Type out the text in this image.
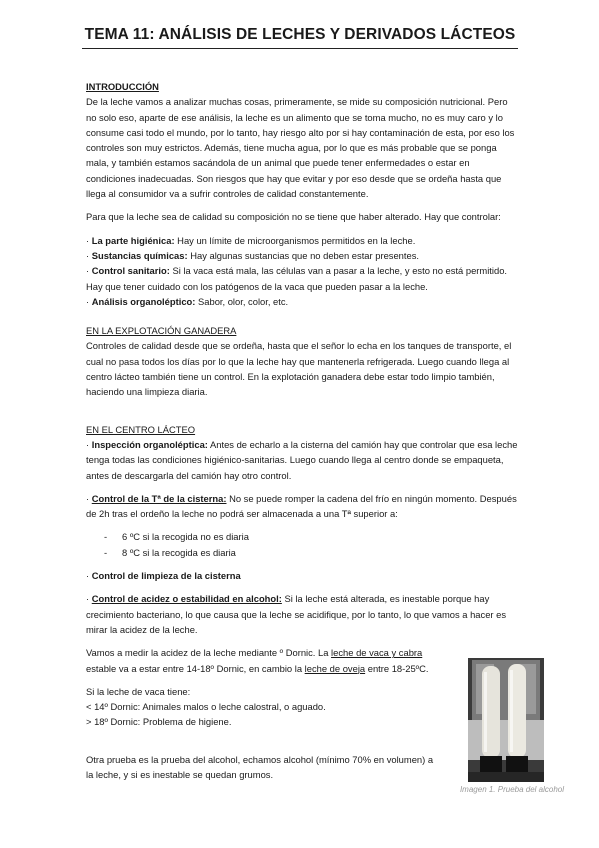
TEMA 11: ANÁLISIS DE LECHES Y DERIVADOS LÁCTEOS

INTRODUCCIÓN

De la leche vamos a analizar muchas cosas, primeramente, se mide su composición nutricional. Pero no solo eso, aparte de ese análisis, la leche es un alimento que se toma mucho, no es muy caro y lo consume casi todo el mundo, por lo tanto, hay riesgo alto por si hay contaminación de esta, por eso los controles son muy estrictos. Además, tiene mucha agua, por lo que es más probable que se ponga mala, y también estamos sacándola de un animal que puede tener enfermedades o estar en condiciones inadecuadas. Son riesgos que hay que evitar y por eso desde que se ordeña hasta que llega al consumidor va a sufrir controles de calidad constantemente.

Para que la leche sea de calidad su composición no se tiene que haber alterado. Hay que controlar:

· La parte higiénica: Hay un límite de microorganismos permitidos en la leche.

· Sustancias químicas: Hay algunas sustancias que no deben estar presentes.

· Control sanitario: Si la vaca está mala, las células van a pasar a la leche, y esto no está permitido. Hay que tener cuidado con los patógenos de la vaca que pueden pasar a la leche.

· Análisis organoléptico: Sabor, olor, color, etc.

EN LA EXPLOTACIÓN GANADERA

Controles de calidad desde que se ordeña, hasta que el señor lo echa en los tanques de transporte, el cual no pasa todos los días por lo que la leche hay que mantenerla refrigerada. Luego cuando llega al centro lácteo también tiene un control. En la explotación ganadera debe estar todo limpio también, haciendo una limpieza diaria.

EN EL CENTRO LÁCTEO

· Inspección organoléptica: Antes de echarlo a la cisterna del camión hay que controlar que esa leche tenga todas las condiciones higiénico-sanitarias. Luego cuando llega al centro donde se empaqueta, antes de descargarla del camión hay otro control.

· Control de la Tª de la cisterna: No se puede romper la cadena del frío en ningún momento. Después de 2h tras el ordeño la leche no podrá ser almacenada a una Tª superior a:

- 6 ºC si la recogida no es diaria
- 8 ºC si la recogida es diaria

· Control de limpieza de la cisterna

· Control de acidez o estabilidad en alcohol: Si la leche está alterada, es inestable porque hay crecimiento bacteriano, lo que causa que la leche se acidifique, por lo tanto, lo que vamos a hacer es mirar la acidez de la leche.

Vamos a medir la acidez de la leche mediante º Dornic. La leche de vaca y cabra estable va a estar entre 14-18º Dornic, en cambio la leche de oveja entre 18-25ºC.

Si la leche de vaca tiene:

< 14º Dornic: Animales malos o leche calostral, o aguado.

> 18º Dornic: Problema de higiene.

Otra prueba es la prueba del alcohol, echamos alcohol (mínimo 70% en volumen) a la leche, y si es inestable se quedan grumos.

Imagen 1. Prueba del alcohol
